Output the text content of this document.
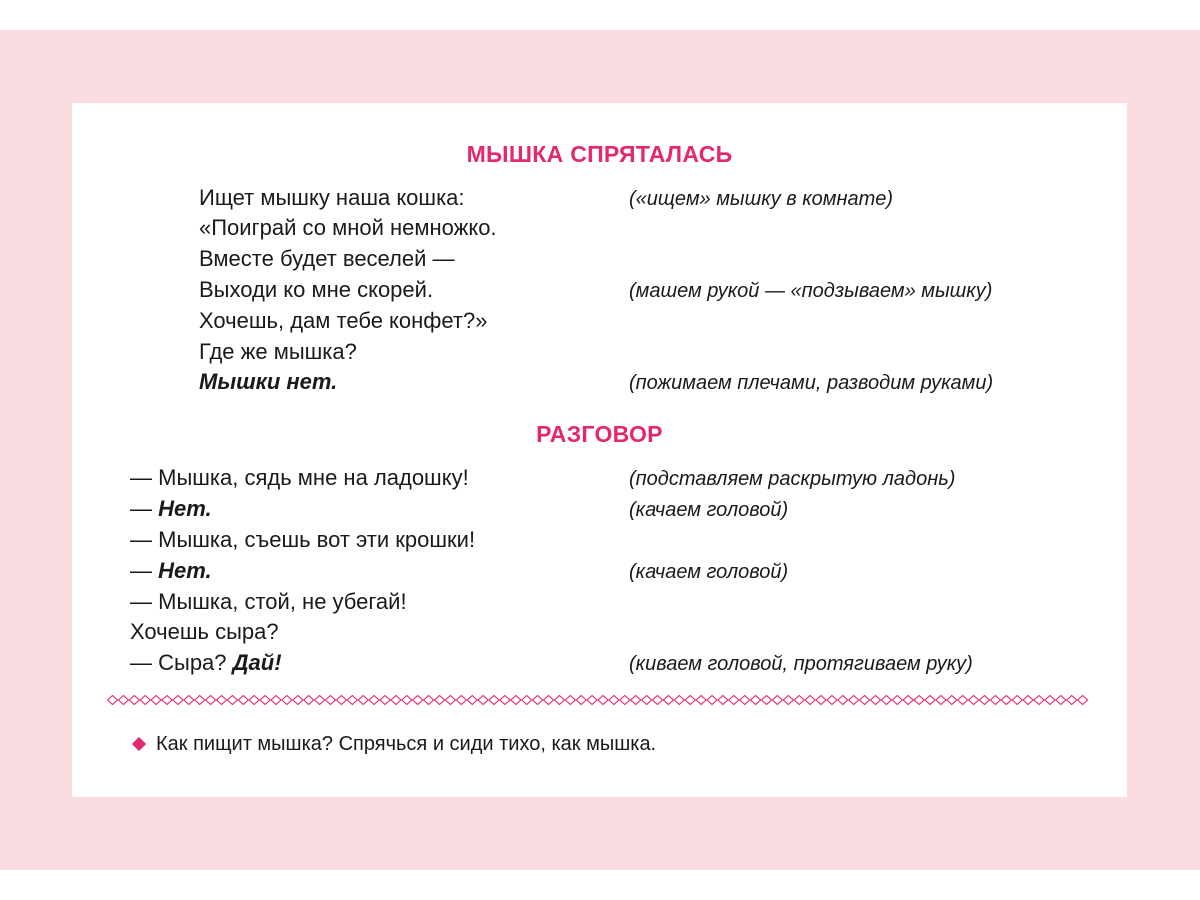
МЫШКА СПРЯТАЛАСЬ
Ищет мышку наша кошка:
«Поиграй со мной немножко.
Вместе будет веселей —
Выходи ко мне скорей.
Хочешь, дам тебе конфет?»
Где же мышка?
Мышки нет.
(«ищем» мышку в комнате)
(машем рукой — «подзываем» мышку)
(пожимаем плечами, разводим руками)
РАЗГОВОР
— Мышка, сядь мне на ладошку!
— Нет.
— Мышка, съешь вот эти крошки!
— Нет.
— Мышка, стой, не убегай!
Хочешь сыра?
— Сыра? Дай!
(подставляем раскрытую ладонь)
(качаем головой)
(качаем головой)
(киваем головой, протягиваем руку)
Как пищит мышка? Спрячься и сиди тихо, как мышка.
